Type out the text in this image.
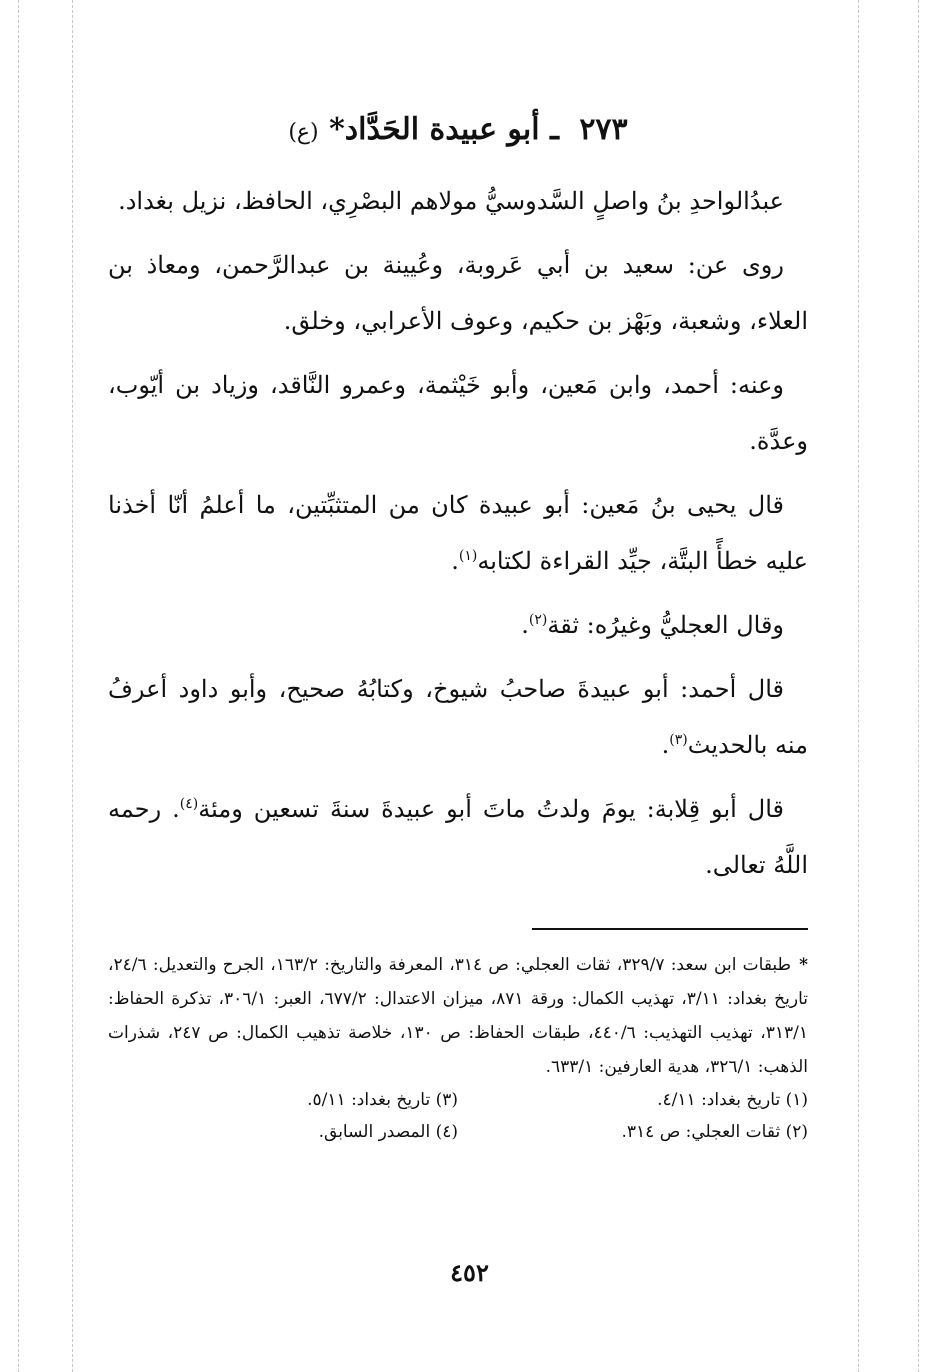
٢٧٣ ـ أبو عبيدة الحَدَّاد* (ع)

عبدُالواحدِ بنُ واصلٍ السَّدوسيُّ مولاهم البصْرِي، الحافظ، نزيل بغداد.

روى عن: سعيد بن أبي عَروبة، وعُيينة بن عبدالرَّحمن، ومعاذ بن العلاء، وشعبة، وبَهْز بن حكيم، وعوف الأعرابي، وخلق.

وعنه: أحمد، وابن مَعين، وأبو خَيْثمة، وعمرو النَّاقد، وزياد بن أيّوب، وعدَّة.

قال يحيى بنُ مَعين: أبو عبيدة كان من المتثبِّتين، ما أعلمُ أنّا أخذنا عليه خطأً البتَّة، جيِّد القراءة لكتابه$^{(١)}$.

وقال العجليُّ وغيرُه: ثقة$^{(٢)}$.

قال أحمد: أبو عبيدةَ صاحبُ شيوخ، وكتابُهُ صحيح، وأبو داود أعرفُ منه بالحديث$^{(٣)}$.

قال أبو قِلابة: يومَ ولدتُ ماتَ أبو عبيدةَ سنةَ تسعين ومئة$^{(٤)}$. رحمه اللَّهُ تعالى.

*طبقات ابن سعد: ٣٢٩/٧، ثقات العجلي: ص ٣١٤، المعرفة والتاريخ: ١٦٣/٢، الجرح والتعديل: ٢٤/٦، تاريخ بغداد: ٣/١١، تهذيب الكمال: ورقة ٨٧١، ميزان الاعتدال: ٦٧٧/٢، العبر: ٣٠٦/١، تذكرة الحفاظ: ٣١٣/١، تهذيب التهذيب: ٤٤٠/٦، طبقات الحفاظ: ص ١٣٠، خلاصة تذهيب الكمال: ص ٢٤٧، شذرات الذهب: ٣٢٦/١، هدية العارفين: ٦٣٣/١.
(١) تاريخ بغداد: ٤/١١.
(٣) تاريخ بغداد: ٥/١١.
(٢) ثقات العجلي: ص ٣١٤.
(٤) المصدر السابق.
٤٥٢
